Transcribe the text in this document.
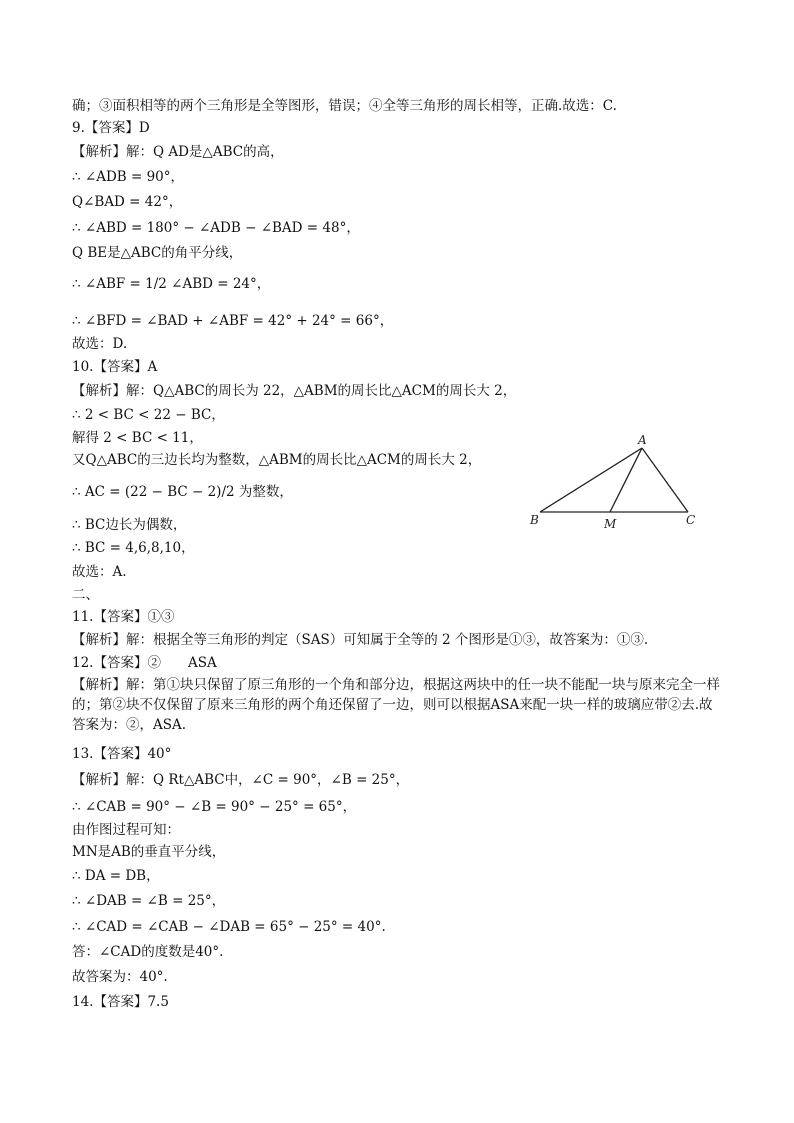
确；③面积相等的两个三角形是全等图形，错误；④全等三角形的周长相等，正确.故选：C.
9.【答案】D
【解析】解：Q AD是△ABC的高，
∴ ∠ADB = 90°，
Q∠BAD = 42°，
∴ ∠ABD = 180° − ∠ADB − ∠BAD = 48°，
Q BE是△ABC的角平分线，
∴ ∠ABF = 1/2 ∠ABD = 24°，
∴ ∠BFD = ∠BAD + ∠ABF = 42° + 24° = 66°，
故选：D.
10.【答案】A
【解析】解：Q△ABC的周长为 22，△ABM的周长比△ACM的周长大 2，
∴ 2 < BC < 22 − BC，
解得 2 < BC < 11，
又Q△ABC的三边长均为整数，△ABM的周长比△ACM的周长大 2，
∴ AC = (22 − BC − 2)/2 为整数，
∴ BC边长为偶数，
∴ BC = 4,6,8,10，
故选：A.
二、
11.【答案】①③
【解析】解：根据全等三角形的判定（SAS）可知属于全等的 2 个图形是①③，故答案为：①③.
12.【答案】②　　ASA
【解析】解：第①块只保留了原三角形的一个角和部分边，根据这两块中的任一块不能配一块与原来完全一样的；第②块不仅保留了原来三角形的两个角还保留了一边，则可以根据ASA来配一块一样的玻璃应带②去.故答案为：②，ASA.
13.【答案】40°
【解析】解：Q Rt△ABC中，∠C = 90°，∠B = 25°，
∴ ∠CAB = 90° − ∠B = 90° − 25° = 65°，
由作图过程可知：
MN是AB的垂直平分线，
∴ DA = DB，
∴ ∠DAB = ∠B = 25°，
∴ ∠CAD = ∠CAB − ∠DAB = 65° − 25° = 40°.
答：∠CAD的度数是40°.
故答案为：40°.
14.【答案】7.5
A
B	M	C
